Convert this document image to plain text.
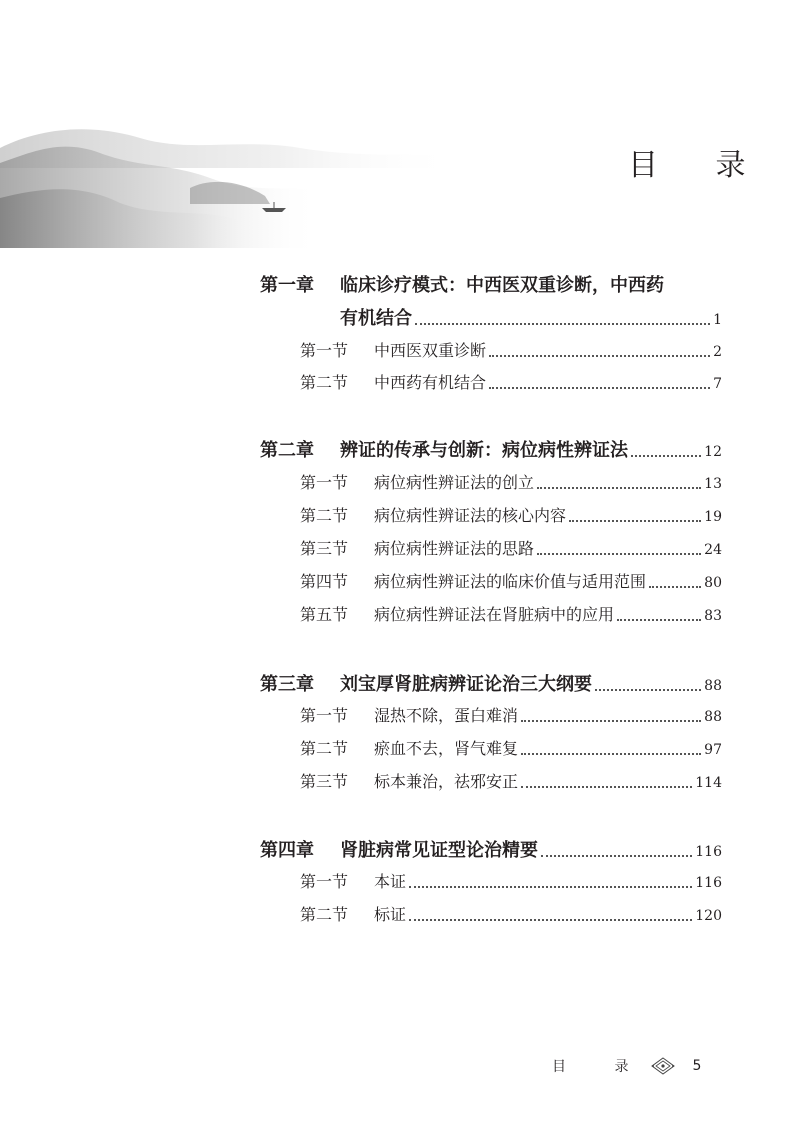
目 录
第一章	临床诊疗模式：中西医双重诊断，中西药
有机结合	1
第一节	中西医双重诊断	2
第二节	中西药有机结合	7
第二章	辨证的传承与创新：病位病性辨证法	12
第一节	病位病性辨证法的创立	13
第二节	病位病性辨证法的核心内容	19
第三节	病位病性辨证法的思路	24
第四节	病位病性辨证法的临床价值与适用范围	80
第五节	病位病性辨证法在肾脏病中的应用	83
第三章	刘宝厚肾脏病辨证论治三大纲要	88
第一节	湿热不除，蛋白难消	88
第二节	瘀血不去，肾气难复	97
第三节	标本兼治，祛邪安正	114
第四章	肾脏病常见证型论治精要	116
第一节	本证	116
第二节	标证	120
目 录	5
